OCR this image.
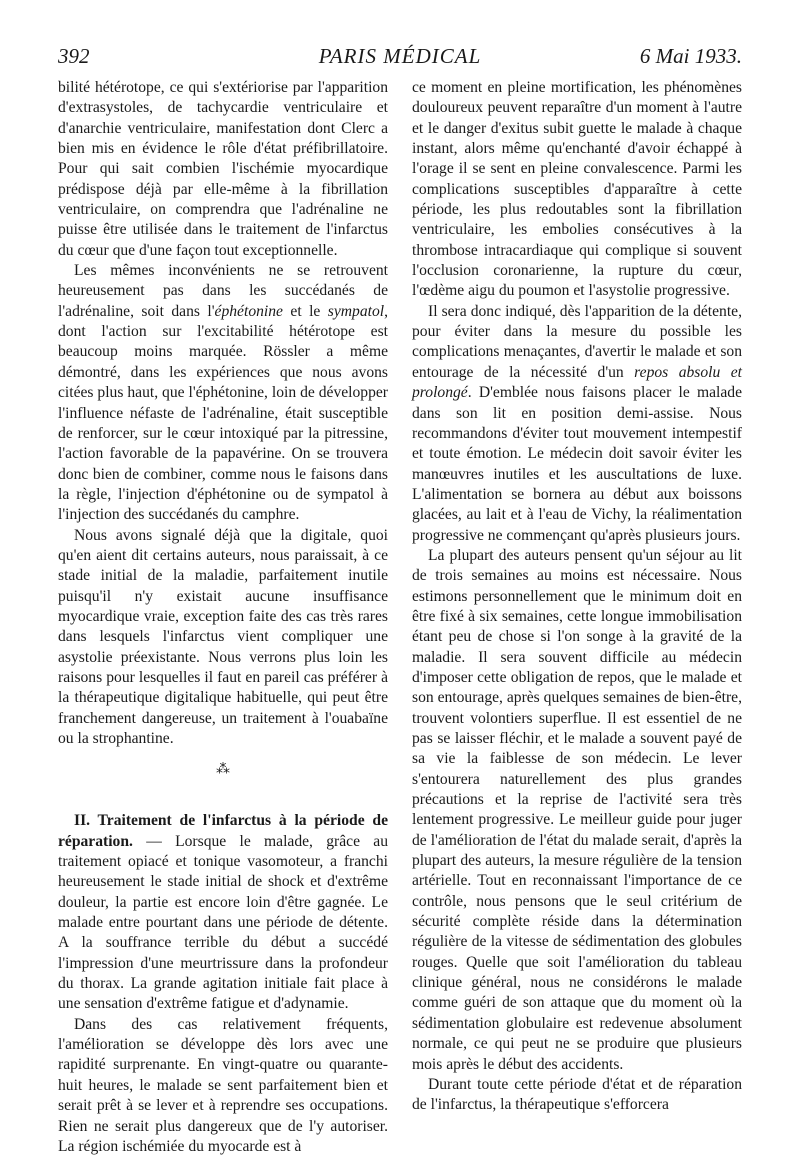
392	PARIS MÉDICAL	6 Mai 1933.

bilité hétérotope, ce qui s'extériorise par l'apparition d'extrasystoles, de tachycardie ventriculaire et d'anarchie ventriculaire, manifestation dont Clerc a bien mis en évidence le rôle d'état préfibrillatoire. Pour qui sait combien l'ischémie myocardique prédispose déjà par elle-même à la fibrillation ventriculaire, on comprendra que l'adrénaline ne puisse être utilisée dans le traitement de l'infarctus du cœur que d'une façon tout exceptionnelle.

Les mêmes inconvénients ne se retrouvent heureusement pas dans les succédanés de l'adrénaline, soit dans l'éphétonine et le sympatol, dont l'action sur l'excitabilité hétérotope est beaucoup moins marquée. Rössler a même démontré, dans les expériences que nous avons citées plus haut, que l'éphétonine, loin de développer l'influence néfaste de l'adrénaline, était susceptible de renforcer, sur le cœur intoxiqué par la pitressine, l'action favorable de la papavérine. On se trouvera donc bien de combiner, comme nous le faisons dans la règle, l'injection d'éphétonine ou de sympatol à l'injection des succédanés du camphre.

Nous avons signalé déjà que la digitale, quoi qu'en aient dit certains auteurs, nous paraissait, à ce stade initial de la maladie, parfaitement inutile puisqu'il n'y existait aucune insuffisance myocardique vraie, exception faite des cas très rares dans lesquels l'infarctus vient compliquer une asystolie préexistante. Nous verrons plus loin les raisons pour lesquelles il faut en pareil cas préférer à la thérapeutique digitalique habituelle, qui peut être franchement dangereuse, un traitement à l'ouabaïne ou la strophantine.

⁂

II. Traitement de l'infarctus à la période de réparation. — Lorsque le malade, grâce au traitement opiacé et tonique vasomoteur, a franchi heureusement le stade initial de shock et d'extrême douleur, la partie est encore loin d'être gagnée. Le malade entre pourtant dans une période de détente. A la souffrance terrible du début a succédé l'impression d'une meurtrissure dans la profondeur du thorax. La grande agitation initiale fait place à une sensation d'extrême fatigue et d'adynamie.

Dans des cas relativement fréquents, l'amélioration se développe dès lors avec une rapidité surprenante. En vingt-quatre ou quarante-huit heures, le malade se sent parfaitement bien et serait prêt à se lever et à reprendre ses occupations. Rien ne serait plus dangereux que de l'y autoriser. La région ischémiée du myocarde est à

ce moment en pleine mortification, les phénomènes douloureux peuvent reparaître d'un moment à l'autre et le danger d'exitus subit guette le malade à chaque instant, alors même qu'enchanté d'avoir échappé à l'orage il se sent en pleine convalescence. Parmi les complications susceptibles d'apparaître à cette période, les plus redoutables sont la fibrillation ventriculaire, les embolies consécutives à la thrombose intracardiaque qui complique si souvent l'occlusion coronarienne, la rupture du cœur, l'œdème aigu du poumon et l'asystolie progressive.

Il sera donc indiqué, dès l'apparition de la détente, pour éviter dans la mesure du possible les complications menaçantes, d'avertir le malade et son entourage de la nécessité d'un repos absolu et prolongé. D'emblée nous faisons placer le malade dans son lit en position demi-assise. Nous recommandons d'éviter tout mouvement intempestif et toute émotion. Le médecin doit savoir éviter les manœuvres inutiles et les auscultations de luxe. L'alimentation se bornera au début aux boissons glacées, au lait et à l'eau de Vichy, la réalimentation progressive ne commençant qu'après plusieurs jours.

La plupart des auteurs pensent qu'un séjour au lit de trois semaines au moins est nécessaire. Nous estimons personnellement que le minimum doit en être fixé à six semaines, cette longue immobilisation étant peu de chose si l'on songe à la gravité de la maladie. Il sera souvent difficile au médecin d'imposer cette obligation de repos, que le malade et son entourage, après quelques semaines de bien-être, trouvent volontiers superflue. Il est essentiel de ne pas se laisser fléchir, et le malade a souvent payé de sa vie la faiblesse de son médecin. Le lever s'entourera naturellement des plus grandes précautions et la reprise de l'activité sera très lentement progressive. Le meilleur guide pour juger de l'amélioration de l'état du malade serait, d'après la plupart des auteurs, la mesure régulière de la tension artérielle. Tout en reconnaissant l'importance de ce contrôle, nous pensons que le seul critérium de sécurité complète réside dans la détermination régulière de la vitesse de sédimentation des globules rouges. Quelle que soit l'amélioration du tableau clinique général, nous ne considérons le malade comme guéri de son attaque que du moment où la sédimentation globulaire est redevenue absolument normale, ce qui peut ne se produire que plusieurs mois après le début des accidents.

Durant toute cette période d'état et de réparation de l'infarctus, la thérapeutique s'efforcera
